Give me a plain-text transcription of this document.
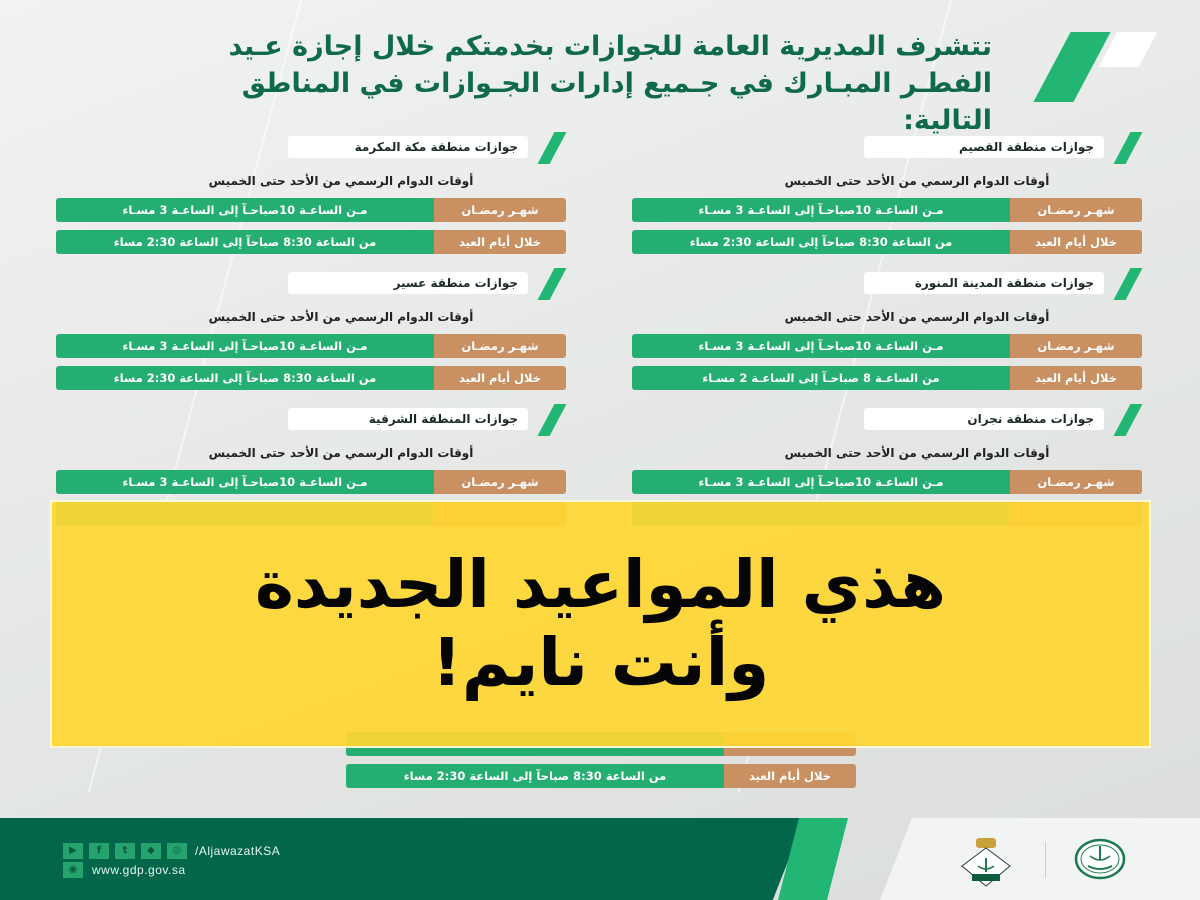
تتشرف المديرية العامة للجوازات بخدمتكم خلال إجازة عـيد الفطـر المبـارك في جـميع إدارات الجـوازات في المناطق التالية:
جوازات منطقة القصيم
أوقات الدوام الرسمي من الأحد حتى الخميس
شهـر رمضـان
مـن الساعـة 10صباحـآ إلى الساعـة 3 مسـاء
خلال أيام العيد
من الساعة 8:30 صباحآ إلى الساعة 2:30 مساء
جوازات منطقة المدينة المنورة
أوقات الدوام الرسمي من الأحد حتى الخميس
شهـر رمضـان
مـن الساعـة 10صباحـآ إلى الساعـة 3 مسـاء
خلال أيام العيد
من الساعـة 8 صباحـآ إلى الساعـة 2 مسـاء
جوازات منطقة نجران
أوقات الدوام الرسمي من الأحد حتى الخميس
شهـر رمضـان
مـن الساعـة 10صباحـآ إلى الساعـة 3 مسـاء
جوازات منطقة مكة المكرمة
أوقات الدوام الرسمي من الأحد حتى الخميس
شهـر رمضـان
مـن الساعـة 10صباحـآ إلى الساعـة 3 مسـاء
خلال أيام العيد
من الساعة 8:30 صباحآ إلى الساعة 2:30 مساء
جوازات منطقة عسير
أوقات الدوام الرسمي من الأحد حتى الخميس
شهـر رمضـان
مـن الساعـة 10صباحـآ إلى الساعـة 3 مسـاء
خلال أيام العيد
من الساعة 8:30 صباحآ إلى الساعة 2:30 مساء
جوازات المنطقة الشرقية
أوقات الدوام الرسمي من الأحد حتى الخميس
شهـر رمضـان
مـن الساعـة 10صباحـآ إلى الساعـة 3 مسـاء
خلال أيام العيد
من الساعة 8:30 صباحآ إلى الساعة 2:30 مساء
هذي المواعيد الجديدة وأنت نايم!
▶	f	t	◆	◎	/AljawazatKSA
◉	www.gdp.gov.sa
